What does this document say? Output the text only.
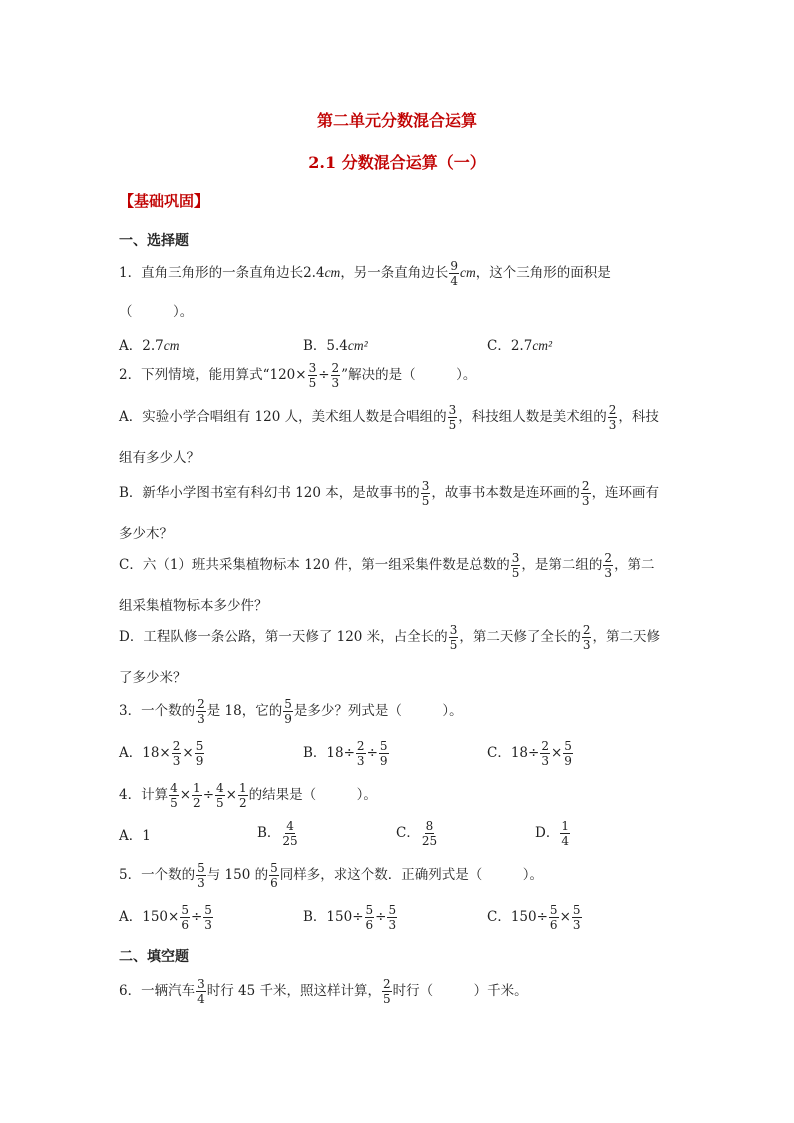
第二单元分数混合运算
2.1 分数混合运算（一）
【基础巩固】
一、选择题
1．直角三角形的一条直角边长2.4cm，另一条直角边长 $\frac{9}{4}$ cm，这个三角形的面积是
（　　　）。
A．2.7cm	B．5.4cm²	C．2.7cm²
2．下列情境，能用算式“$120\times \frac{3}{5} \div \frac{2}{3}$ ”解决的是（　　　）。
A．实验小学合唱组有 120 人，美术组人数是合唱组的 $\frac{3}{5}$ ，科技组人数是美术组的 $\frac{2}{3}$ ，科技
组有多少人？
B．新华小学图书室有科幻书 120 本，是故事书的 $\frac{3}{5}$ ，故事书本数是连环画的 $\frac{2}{3}$ ，连环画有
多少木？
C．六（1）班共采集植物标本 120 件，第一组采集件数是总数的 $\frac{3}{5}$ ，是第二组的 $\frac{2}{3}$ ，第二
组采集植物标本多少件？
D．工程队修一条公路，第一天修了 120 米，占全长的 $\frac{3}{5}$ ，第二天修了全长的 $\frac{2}{3}$ ，第二天修
了多少米？
3．一个数的 $\frac{2}{3}$ 是 18，它的 $\frac{5}{9}$ 是多少？列式是（　　　）。
A．$18\times \frac{2}{3} \times \frac{5}{9}$	B．$18\div \frac{2}{3} \div \frac{5}{9}$	C．$18\div \frac{2}{3} \times \frac{5}{9}$
4．计算 $\frac{4}{5} \times \frac{1}{2} \div \frac{4}{5} \times \frac{1}{2}$ 的结果是（　　　）。
A．1	B． $\frac{4}{25}$	C． $\frac{8}{25}$	D． $\frac{1}{4}$
5．一个数的 $\frac{5}{3}$ 与 150 的 $\frac{5}{6}$ 同样多，求这个数．正确列式是（　　　）。
A．$150\times \frac{5}{6} \div \frac{5}{3}$	B．$150\div \frac{5}{6} \div \frac{5}{3}$	C．$150\div \frac{5}{6} \times \frac{5}{3}$
二、填空题
6．一辆汽车 $\frac{3}{4}$ 时行 45 千米，照这样计算， $\frac{2}{5}$ 时行（　　　）千米。
